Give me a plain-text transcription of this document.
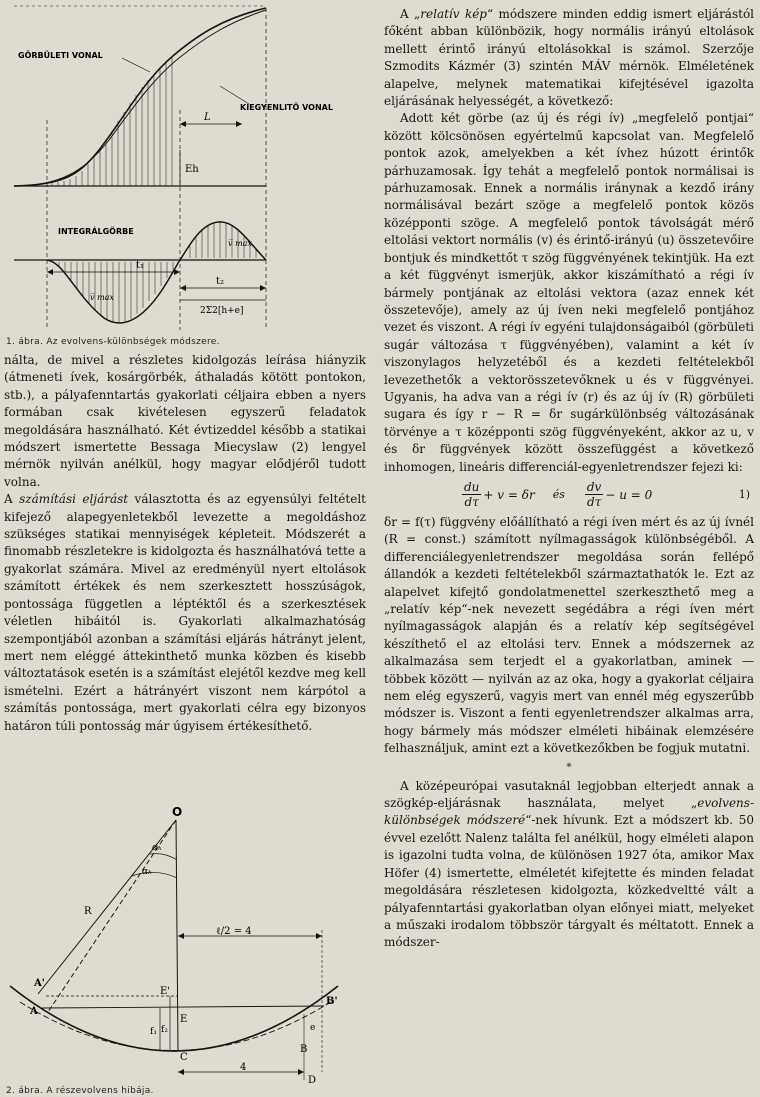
GÖRBÜLETI VONAL
KIEGYENLITŐ VONAL
L
Eh
INTEGRÁLGÖRBE
t₁
t₂
2Σ2[h+e]
v̅ max
v̅ max
1. ábra. Az evolvens-különbségek módszere.

nálta, de mivel a részletes kidolgozás leírása hiányzik (átmeneti ívek, kosárgörbék, áthaladás kötött pontokon, stb.), a pályafenntartás gyakorlati céljaira ebben a nyers formában csak kivételesen egyszerű feladatok megoldására használható. Két évtizeddel később a statikai módszert ismertette Bessaga Miecyslaw (2) lengyel mérnök nyilván anélkül, hogy magyar elődjéről tudott volna.

A számítási eljárást választotta és az egyensúlyi feltételt kifejező alapegyenletekből levezette a megoldáshoz szükséges statikai mennyiségek képleteit. Módszerét a finomabb részletekre is kidolgozta és használhatóvá tette a gyakorlat számára. Mivel az eredményül nyert eltolások számított értékek és nem szerkesztett hosszúságok, pontossága független a léptéktől és a szerkesztések véletlen hibáitól is. Gyakorlati alkalmazhatóság szempontjából azonban a számítási eljárás hátrányt jelent, mert nem eléggé áttekinthető munka közben és kisebb változtatások esetén is a számítást elejétől kezdve meg kell ismételni. Ezért a hátrányért viszont nem kárpótol a számítás pontossága, mert gyakorlati célra egy bizonyos határon túli pontosság már úgyisem értékesíthető.

O
αₕ
αₕ
R
ℓ/2 = 4
A'
A
E'
E
f₁ f₂
C
B'
e
B
4
D
2. ábra. A részevolvens hibája.

A „relatív kép“ módszere minden eddig ismert eljárástól főként abban különbözik, hogy normális irányú eltolások mellett érintő irányú eltolásokkal is számol. Szerzője Szmodits Kázmér (3) szintén MÁV mérnök. Elméletének alapelve, melynek matematikai kifejtésével igazolta eljárásának helyességét, a következő:

Adott két görbe (az új és régi ív) „megfelelő pontjai“ között kölcsönösen egyértelmű kapcsolat van. Megfelelő pontok azok, amelyekben a két ívhez húzott érintők párhuzamosak. Így tehát a megfelelő pontok normálisai is párhuzamosak. Ennek a normális iránynak a kezdő irány normálisával bezárt szöge a megfelelő pontok közös középponti szöge. A megfelelő pontok távolságát mérő eltolási vektort normális (v) és érintő-irányú (u) összetevőire bontjuk és mindkettőt τ szög függvényének tekintjük. Ha ezt a két függvényt ismerjük, akkor kiszámítható a régi ív bármely pontjának az eltolási vektora (azaz ennek két összetevője), amely az új íven neki megfelelő pontjához vezet és viszont. A régi ív egyéni tulajdonságaiból (görbületi sugár változása τ függvényében), valamint a két ív viszonylagos helyzetéből és a kezdeti feltételekből levezethetők a vektorösszetevőknek u és v függvényei. Ugyanis, ha adva van a régi ív (r) és az új ív (R) görbületi sugara és így r − R = δr sugárkülönbség változásának törvénye a τ középponti szög függvényeként, akkor az u, v és δr függvények között összefüggést a következő inhomogen, lineáris differenciál-egyenletrendszer fejezi ki:

$\frac{du}{d\tau} + v = \delta r$ és $\frac{dv}{d\tau} - u = 0$	1)

δr = f(τ) függvény előállítható a régi íven mért és az új ívnél (R = const.) számított nyílmagasságok különbségéből. A differenciálegyenletrendszer megoldása során fellépő állandók a kezdeti feltételekből származtathatók le. Ezt az alapelvet kifejtő gondolatmenettel szerkeszthető meg a „relatív kép“-nek nevezett segédábra a régi íven mért nyílmagasságok alapján és a relatív kép segítségével készíthető el az eltolási terv. Ennek a módszernek az alkalmazása sem terjedt el a gyakorlatban, aminek — többek között — nyilván az az oka, hogy a gyakorlat céljaira nem elég egyszerű, vagyis mert van ennél még egyszerűbb módszer is. Viszont a fenti egyenletrendszer alkalmas arra, hogy bármely más módszer elméleti hibáinak elemzésére felhasználjuk, amint ezt a következőkben be fogjuk mutatni.

*

A középeurópai vasutaknál legjobban elterjedt annak a szögkép-eljárásnak használata, melyet „evolvens-különbségek módszeré“-nek hívunk. Ezt a módszert kb. 50 évvel ezelőtt Nalenz találta fel anélkül, hogy elméleti alapon is igazolni tudta volna, de különösen 1927 óta, amikor Max Höfer (4) ismertette, elméletét kifejtette és minden feladat megoldására részletesen kidolgozta, közkedveltté vált a pályafenntartási gyakorlatban olyan előnyei miatt, melyeket a műszaki irodalom többször tárgyalt és méltatott. Ennek a módszer-
